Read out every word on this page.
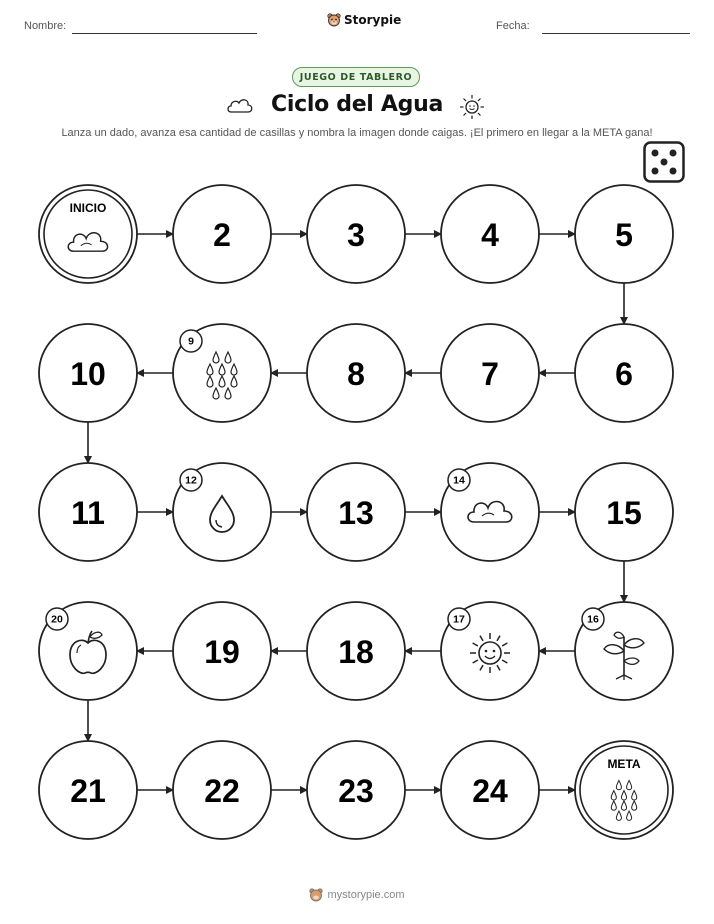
Nombre:	Storypie	Fecha:
JUEGO DE TABLERO
Ciclo del Agua
Lanza un dado, avanza esa cantidad de casillas y nombra la imagen donde caigas. ¡El primero en llegar a la META gana!
INICIO
2	3	4	5
6
7
8
9
10
11
12
13
14
15
16
17
18
19
20
21	22	23	24
META
mystorypie.com
